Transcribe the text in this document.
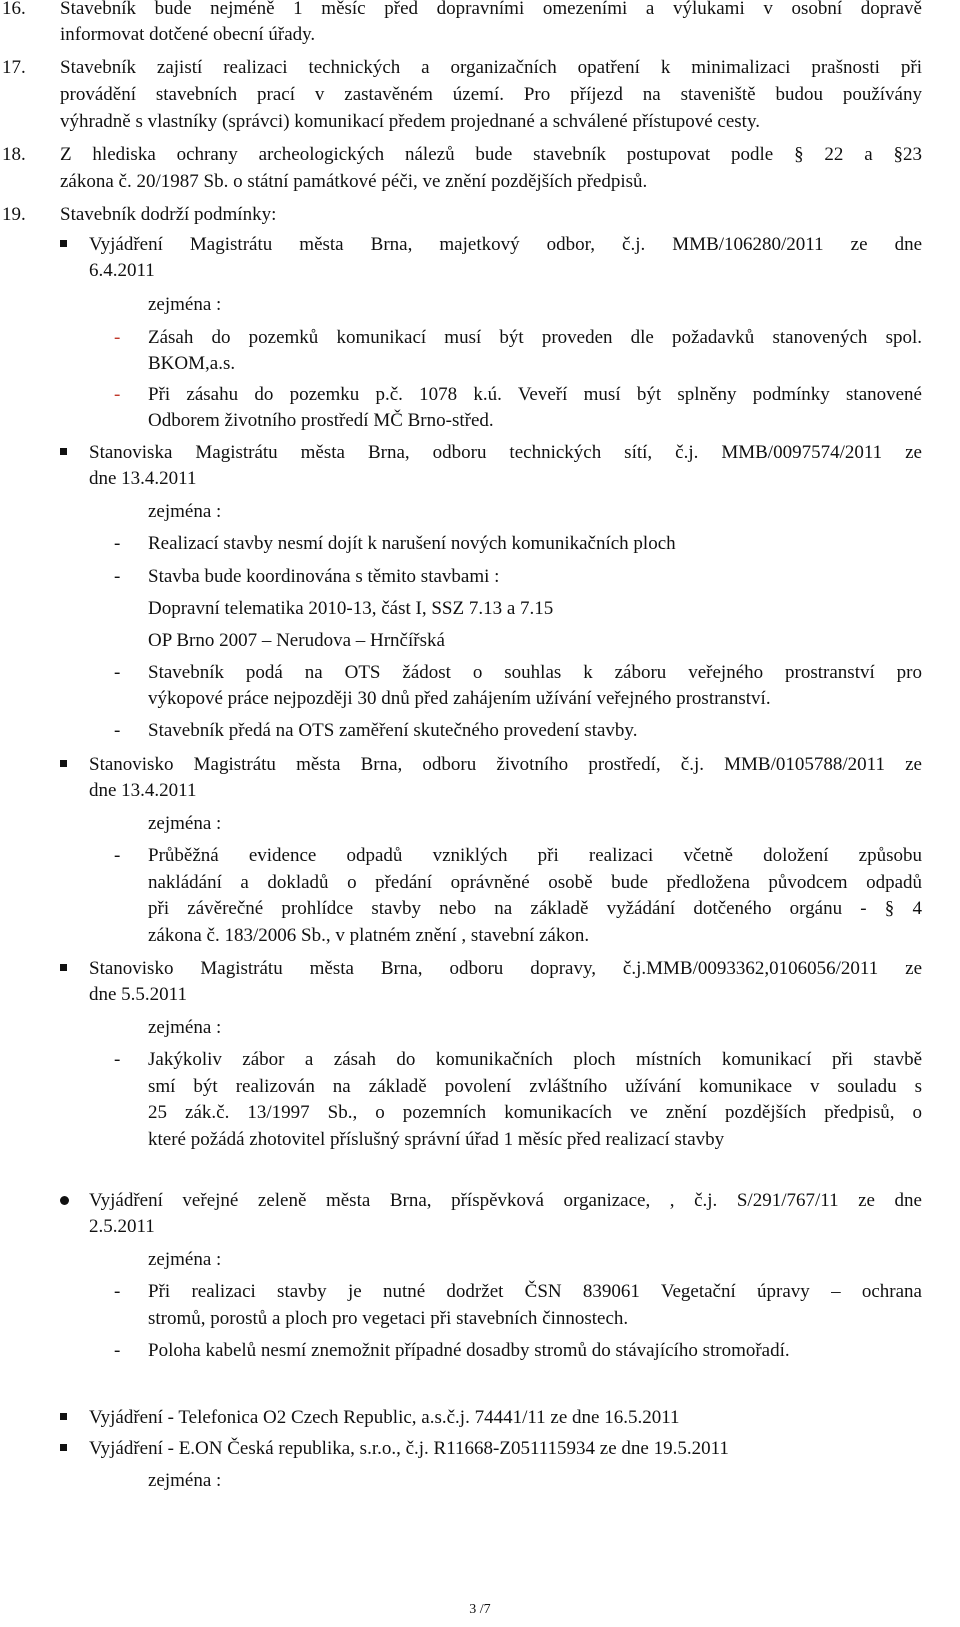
16. Stavebník bude nejméně 1 měsíc před dopravními omezeními a výlukami v osobní dopravě
informovat dotčené obecní úřady.
17. Stavebník zajistí realizaci technických a organizačních opatření k minimalizaci prašnosti při
provádění stavebních prací v zastavěném území. Pro příjezd na staveniště budou používány
výhradně s vlastníky (správci) komunikací předem projednané a schválené přístupové cesty.
18. Z hlediska ochrany archeologických nálezů bude stavebník postupovat podle § 22 a §23
zákona č. 20/1987 Sb. o státní památkové péči, ve znění pozdějších předpisů.
19. Stavebník dodrží podmínky:
Vyjádření Magistrátu města Brna, majetkový odbor, č.j. MMB/106280/2011 ze dne
6.4.2011
zejména :
- Zásah do pozemků komunikací musí být proveden dle požadavků stanovených spol.
BKOM,a.s.
- Při zásahu do pozemku p.č. 1078 k.ú. Veveří musí být splněny podmínky stanovené
Odborem životního prostředí MČ Brno-střed.
Stanoviska Magistrátu města Brna, odboru technických sítí, č.j. MMB/0097574/2011 ze
dne 13.4.2011
zejména :
- Realizací stavby nesmí dojít k narušení nových komunikačních ploch
- Stavba bude koordinována s těmito stavbami :
Dopravní telematika 2010-13, část I, SSZ 7.13 a 7.15
OP Brno 2007 – Nerudova – Hrnčířská
- Stavebník podá na OTS žádost o souhlas k záboru veřejného prostranství pro
výkopové práce nejpozději 30 dnů před zahájením užívání veřejného prostranství.
- Stavebník předá na OTS zaměření skutečného provedení stavby.
Stanovisko Magistrátu města Brna, odboru životního prostředí, č.j. MMB/0105788/2011 ze
dne 13.4.2011
zejména :
- Průběžná evidence odpadů vzniklých při realizaci včetně doložení způsobu
nakládání a dokladů o předání oprávněné osobě bude předložena původcem odpadů
při závěrečné prohlídce stavby nebo na základě vyžádání dotčeného orgánu - § 4
zákona č. 183/2006 Sb., v platném znění , stavební zákon.
Stanovisko Magistrátu města Brna, odboru dopravy, č.j.MMB/0093362,0106056/2011 ze
dne 5.5.2011
zejména :
- Jakýkoliv zábor a zásah do komunikačních ploch místních komunikací při stavbě
smí být realizován na základě povolení zvláštního užívání komunikace v souladu s
25 zák.č. 13/1997 Sb., o pozemních komunikacích ve znění pozdějších předpisů, o
které požádá zhotovitel příslušný správní úřad 1 měsíc před realizací stavby
Vyjádření veřejné zeleně města Brna, příspěvková organizace, , č.j. S/291/767/11 ze dne
2.5.2011
zejména :
- Při realizaci stavby je nutné dodržet ČSN 839061 Vegetační úpravy – ochrana
stromů, porostů a ploch pro vegetaci při stavebních činnostech.
- Poloha kabelů nesmí znemožnit případné dosadby stromů do stávajícího stromořadí.
Vyjádření - Telefonica O2 Czech Republic, a.s.č.j. 74441/11 ze dne 16.5.2011
Vyjádření - E.ON Česká republika, s.r.o., č.j. R11668-Z051115934 ze dne 19.5.2011
zejména :
3 /7
